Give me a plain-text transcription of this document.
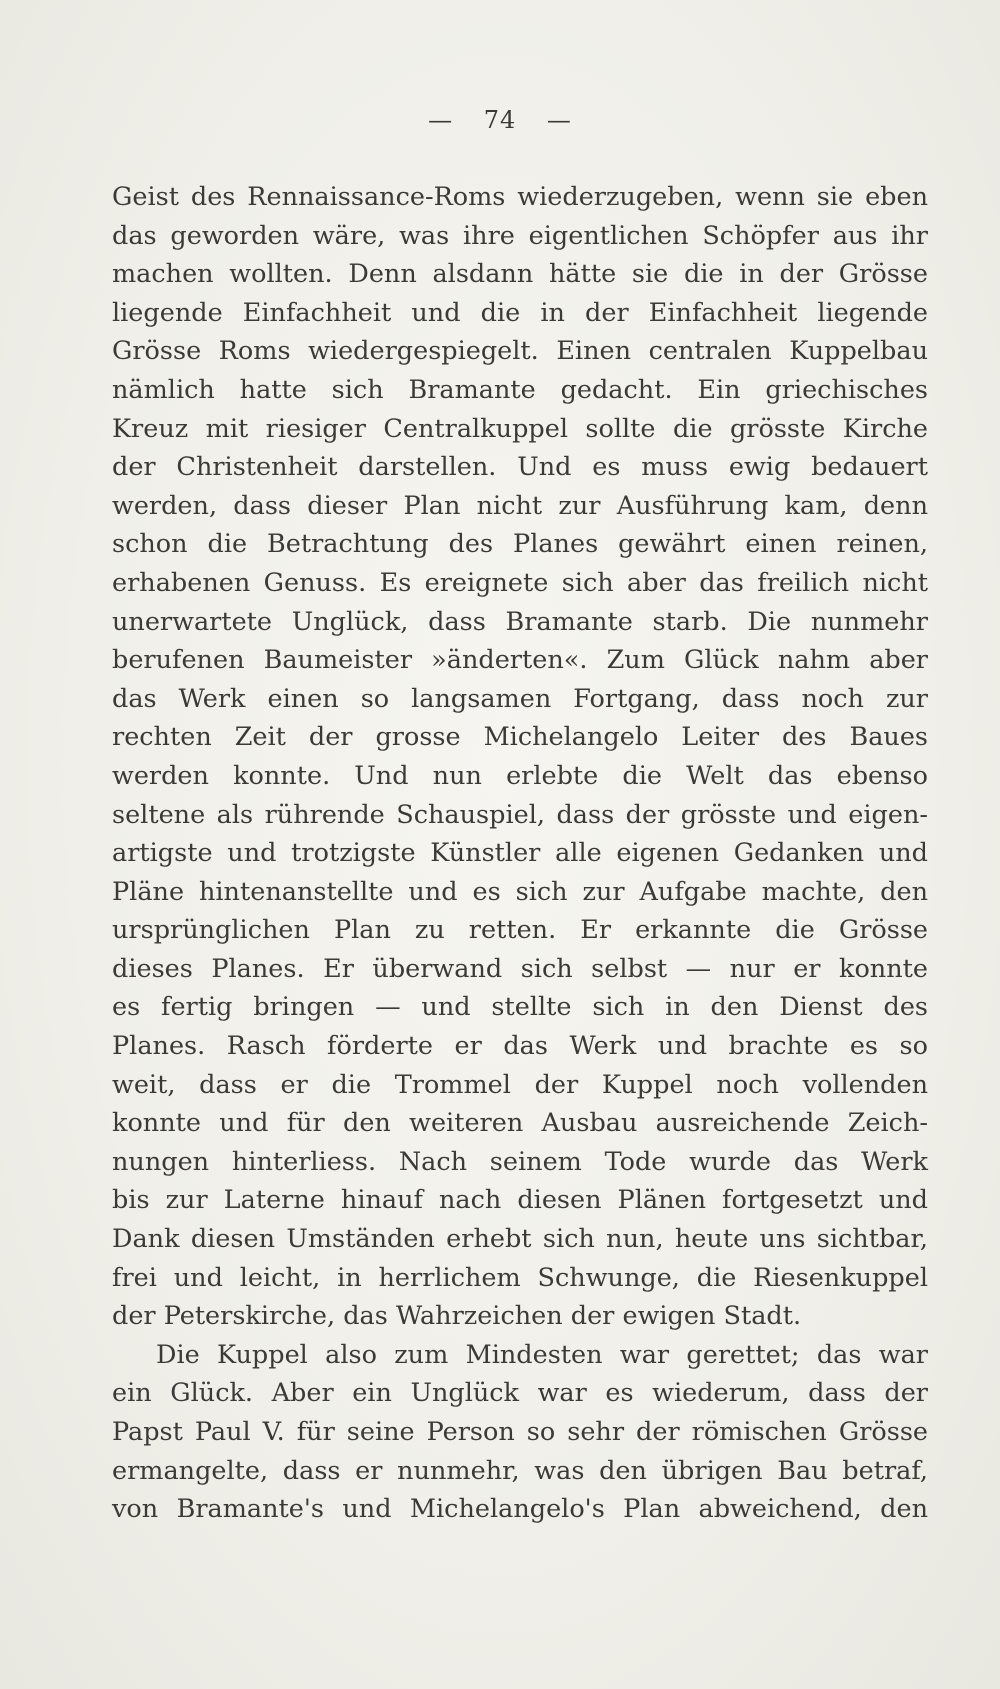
— 74 —
Geist des Rennaissance-Roms wiederzugeben, wenn sie eben
das geworden wäre, was ihre eigentlichen Schöpfer aus ihr
machen wollten. Denn alsdann hätte sie die in der Grösse
liegende Einfachheit und die in der Einfachheit liegende
Grösse Roms wiedergespiegelt. Einen centralen Kuppelbau
nämlich hatte sich Bramante gedacht. Ein griechisches
Kreuz mit riesiger Centralkuppel sollte die grösste Kirche
der Christenheit darstellen. Und es muss ewig bedauert
werden, dass dieser Plan nicht zur Ausführung kam, denn
schon die Betrachtung des Planes gewährt einen reinen,
erhabenen Genuss. Es ereignete sich aber das freilich nicht
unerwartete Unglück, dass Bramante starb. Die nunmehr
berufenen Baumeister »änderten«. Zum Glück nahm aber
das Werk einen so langsamen Fortgang, dass noch zur
rechten Zeit der grosse Michelangelo Leiter des Baues
werden konnte. Und nun erlebte die Welt das ebenso
seltene als rührende Schauspiel, dass der grösste und eigen-
artigste und trotzigste Künstler alle eigenen Gedanken und
Pläne hintenanstellte und es sich zur Aufgabe machte, den
ursprünglichen Plan zu retten. Er erkannte die Grösse
dieses Planes. Er überwand sich selbst — nur er konnte
es fertig bringen — und stellte sich in den Dienst des
Planes. Rasch förderte er das Werk und brachte es so
weit, dass er die Trommel der Kuppel noch vollenden
konnte und für den weiteren Ausbau ausreichende Zeich-
nungen hinterliess. Nach seinem Tode wurde das Werk
bis zur Laterne hinauf nach diesen Plänen fortgesetzt und
Dank diesen Umständen erhebt sich nun, heute uns sichtbar,
frei und leicht, in herrlichem Schwunge, die Riesenkuppel
der Peterskirche, das Wahrzeichen der ewigen Stadt.
Die Kuppel also zum Mindesten war gerettet; das war
ein Glück. Aber ein Unglück war es wiederum, dass der
Papst Paul V. für seine Person so sehr der römischen Grösse
ermangelte, dass er nunmehr, was den übrigen Bau betraf,
von Bramante's und Michelangelo's Plan abweichend, den
